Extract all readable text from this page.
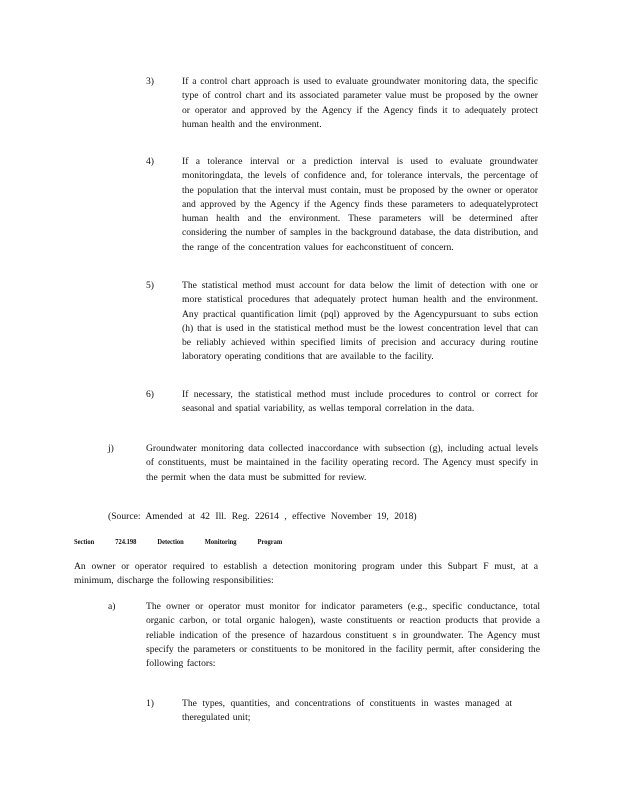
3)	If a control chart approach is used to evaluate groundwater monitoring data, the specific type of control chart and its associated parameter value must be proposed by the owner or operator and approved by the Agency if the Agency finds it to adequately protect human health and the environment.
4)	If a tolerance interval or a prediction interval is used to evaluate groundwater monitoringdata, the levels of confidence and, for tolerance intervals, the percentage of the population that the interval must contain, must be proposed by the owner or operator and approved by the Agency if the Agency finds these parameters to adequatelyprotect human health and the environment. These parameters will be determined after considering the number of samples in the background database, the data distribution, and the range of the concentration values for eachconstituent of concern.
5)	The statistical method must account for data below the limit of detection with one or more statistical procedures that adequately protect human health and the environment. Any practical quantification limit (pql) approved by the Agencypursuant to subs ection (h) that is used in the statistical method must be the lowest concentration level that can be reliably achieved within specified limits of precision and accuracy during routine laboratory operating conditions that are available to the facility.
6)	If necessary, the statistical method must include procedures to control or correct for seasonal and spatial variability, as wellas temporal correlation in the data.
j)	Groundwater monitoring data collected inaccordance with subsection (g), including actual levels of constituents, must be maintained in the facility operating record. The Agency must specify in the permit when the data must be submitted for review.
(Source: Amended at 42 Ill. Reg. 22614 , effective November 19, 2018)
Section	724.198	Detection	Monitoring	Program
An owner or operator required to establish a detection monitoring program under this Subpart F must, at a minimum, discharge the following responsibilities:
a)	The owner or operator must monitor for indicator parameters (e.g., specific conductance, total organic carbon, or total organic halogen), waste constituents or reaction products that provide a reliable indication of the presence of hazardous constituent s in groundwater. The Agency must specify the parameters or constituents to be monitored in the facility permit, after considering the following factors:
1)	The types, quantities, and concentrations of constituents in wastes managed at theregulated unit;
